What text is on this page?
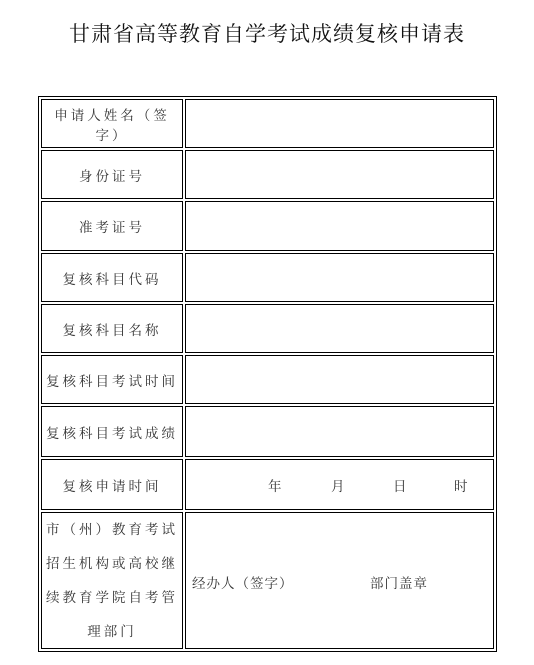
甘肃省高等教育自学考试成绩复核申请表
申请人姓名（签字）
身份证号
准考证号
复核科目代码
复核科目名称
复核科目考试时间
复核科目考试成绩
复核申请时间	年	月	日	时
市（州）教育考试
招生机构或高校继
续教育学院自考管
理部门
经办人（签字）	部门盖章
